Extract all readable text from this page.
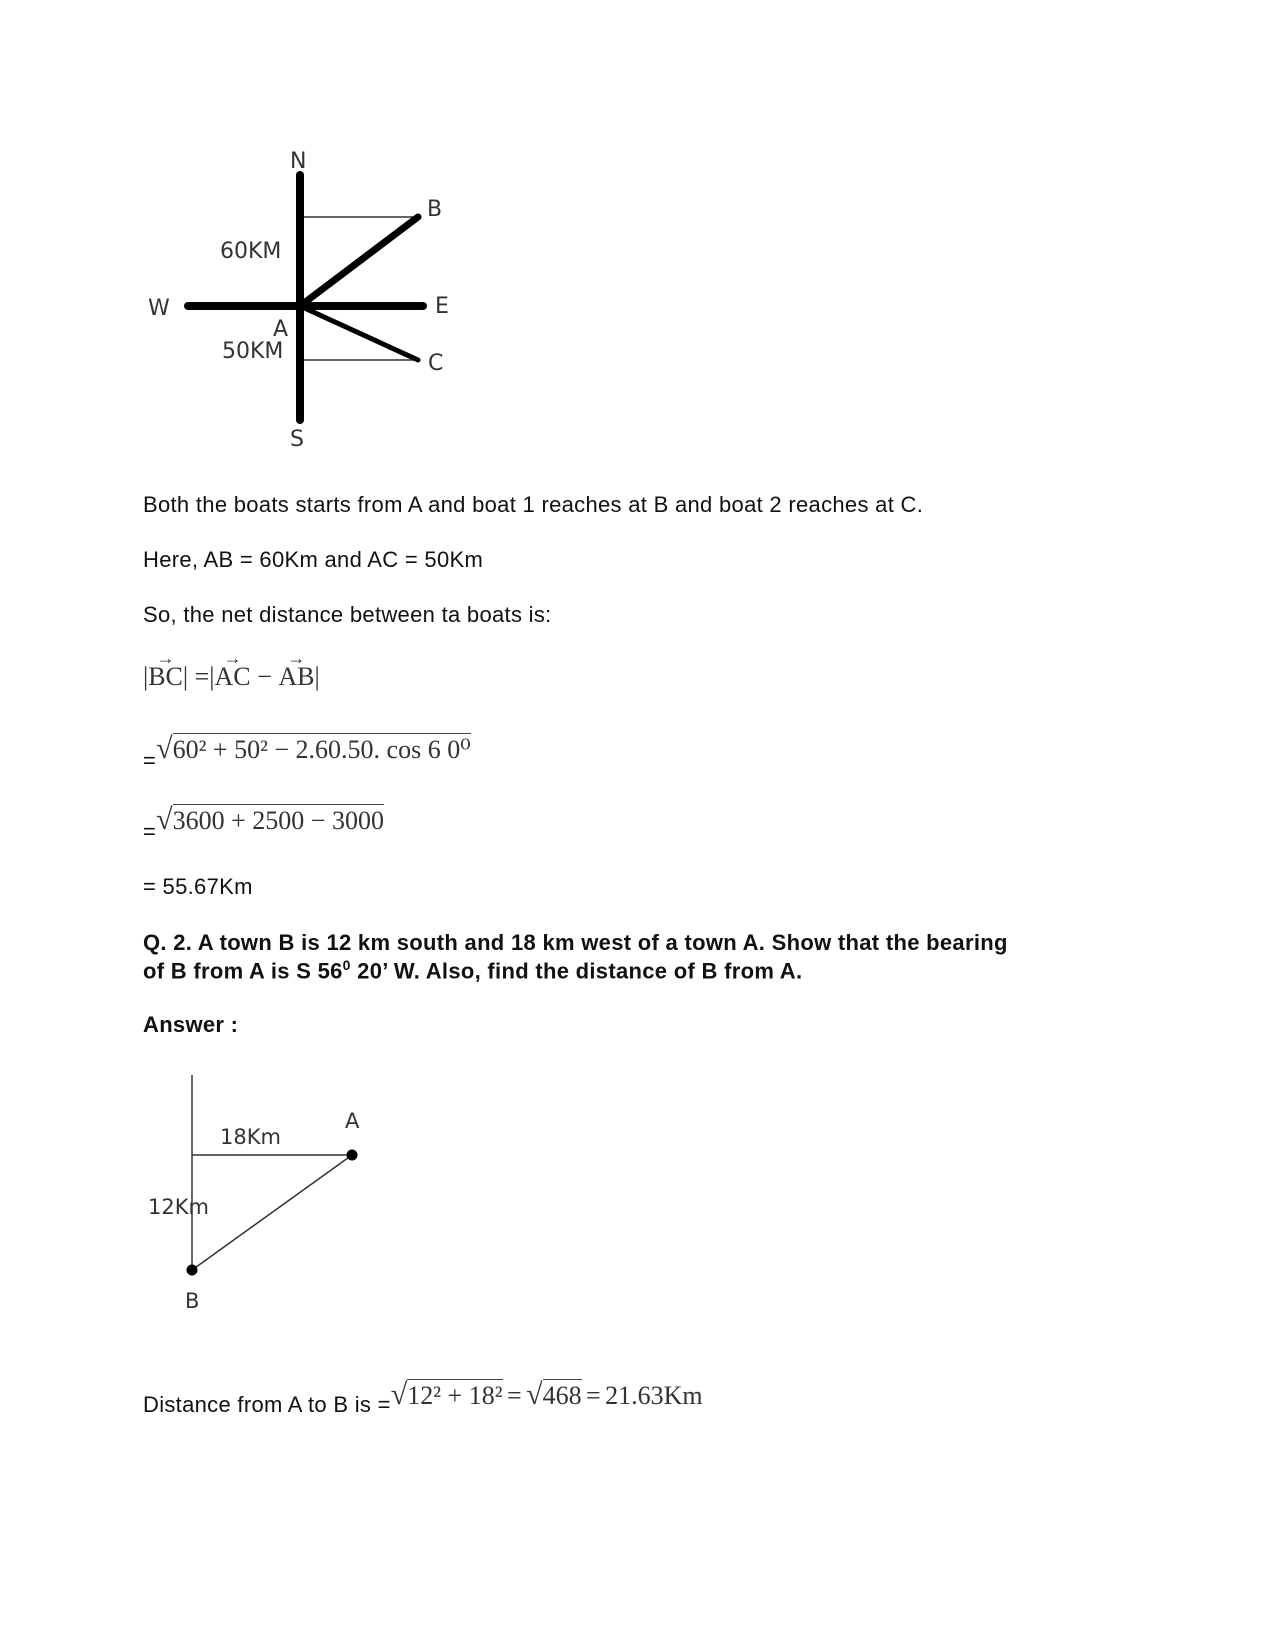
N
S
E
W
A
B
C
60KM
50KM
Both the boats starts from A and boat 1 reaches at B and boat 2 reaches at C.
Here, AB = 60Km and AC = 50Km
So, the net distance between ta boats is:
|→ BC| =|→ AC − → AB|
=√60² + 50² − 2.60.50. cos 6 0⁰
=√3600 + 2500 − 3000
= 55.67Km
Q. 2. A town B is 12 km south and 18 km west of a town A. Show that the bearing
of B from A is S $56^0$ 20’ W. Also, find the distance of B from A.
Answer :
A
B
18Km
12Km
Distance from A to B is =√12² + 18² = √468 = 21.63Km
